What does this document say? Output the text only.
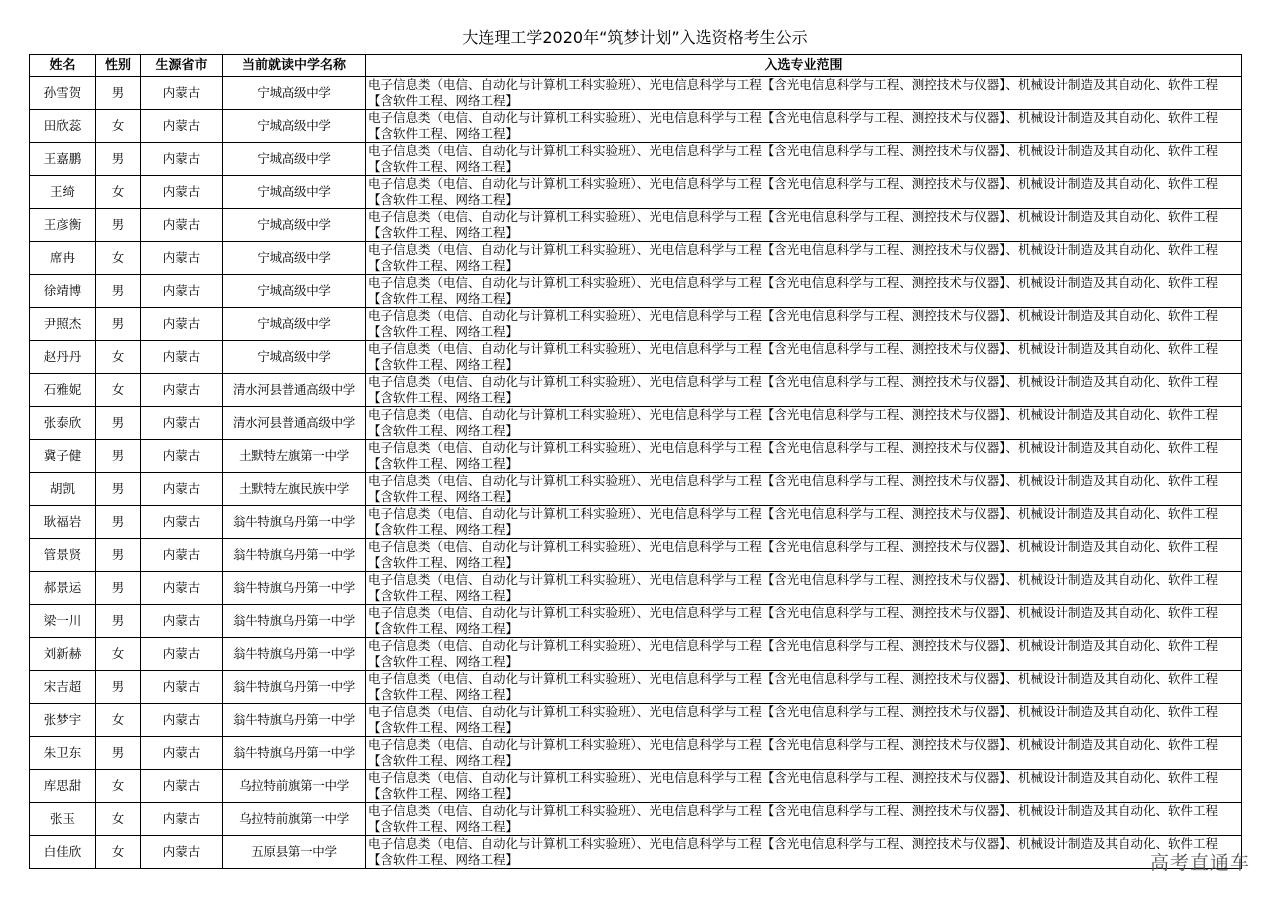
大连理工学2020年“筑梦计划”入选资格考生公示
姓名	性别	生源省市	当前就读中学名称	入选专业范围
孙雪贺	男	内蒙古	宁城高级中学	电子信息类（电信、自动化与计算机工科实验班）、光电信息科学与工程【含光电信息科学与工程、测控技术与仪器】、机械设计制造及其自动化、软件工程【含软件工程、网络工程】
田欣蕊	女	内蒙古	宁城高级中学	电子信息类（电信、自动化与计算机工科实验班）、光电信息科学与工程【含光电信息科学与工程、测控技术与仪器】、机械设计制造及其自动化、软件工程【含软件工程、网络工程】
王嘉鹏	男	内蒙古	宁城高级中学	电子信息类（电信、自动化与计算机工科实验班）、光电信息科学与工程【含光电信息科学与工程、测控技术与仪器】、机械设计制造及其自动化、软件工程【含软件工程、网络工程】
王绮	女	内蒙古	宁城高级中学	电子信息类（电信、自动化与计算机工科实验班）、光电信息科学与工程【含光电信息科学与工程、测控技术与仪器】、机械设计制造及其自动化、软件工程【含软件工程、网络工程】
王彦衡	男	内蒙古	宁城高级中学	电子信息类（电信、自动化与计算机工科实验班）、光电信息科学与工程【含光电信息科学与工程、测控技术与仪器】、机械设计制造及其自动化、软件工程【含软件工程、网络工程】
席冉	女	内蒙古	宁城高级中学	电子信息类（电信、自动化与计算机工科实验班）、光电信息科学与工程【含光电信息科学与工程、测控技术与仪器】、机械设计制造及其自动化、软件工程【含软件工程、网络工程】
徐靖博	男	内蒙古	宁城高级中学	电子信息类（电信、自动化与计算机工科实验班）、光电信息科学与工程【含光电信息科学与工程、测控技术与仪器】、机械设计制造及其自动化、软件工程【含软件工程、网络工程】
尹照杰	男	内蒙古	宁城高级中学	电子信息类（电信、自动化与计算机工科实验班）、光电信息科学与工程【含光电信息科学与工程、测控技术与仪器】、机械设计制造及其自动化、软件工程【含软件工程、网络工程】
赵丹丹	女	内蒙古	宁城高级中学	电子信息类（电信、自动化与计算机工科实验班）、光电信息科学与工程【含光电信息科学与工程、测控技术与仪器】、机械设计制造及其自动化、软件工程【含软件工程、网络工程】
石雅妮	女	内蒙古	清水河县普通高级中学	电子信息类（电信、自动化与计算机工科实验班）、光电信息科学与工程【含光电信息科学与工程、测控技术与仪器】、机械设计制造及其自动化、软件工程【含软件工程、网络工程】
张泰欣	男	内蒙古	清水河县普通高级中学	电子信息类（电信、自动化与计算机工科实验班）、光电信息科学与工程【含光电信息科学与工程、测控技术与仪器】、机械设计制造及其自动化、软件工程【含软件工程、网络工程】
冀子健	男	内蒙古	土默特左旗第一中学	电子信息类（电信、自动化与计算机工科实验班）、光电信息科学与工程【含光电信息科学与工程、测控技术与仪器】、机械设计制造及其自动化、软件工程【含软件工程、网络工程】
胡凯	男	内蒙古	土默特左旗民族中学	电子信息类（电信、自动化与计算机工科实验班）、光电信息科学与工程【含光电信息科学与工程、测控技术与仪器】、机械设计制造及其自动化、软件工程【含软件工程、网络工程】
耿福岩	男	内蒙古	翁牛特旗乌丹第一中学	电子信息类（电信、自动化与计算机工科实验班）、光电信息科学与工程【含光电信息科学与工程、测控技术与仪器】、机械设计制造及其自动化、软件工程【含软件工程、网络工程】
管景贤	男	内蒙古	翁牛特旗乌丹第一中学	电子信息类（电信、自动化与计算机工科实验班）、光电信息科学与工程【含光电信息科学与工程、测控技术与仪器】、机械设计制造及其自动化、软件工程【含软件工程、网络工程】
郝景运	男	内蒙古	翁牛特旗乌丹第一中学	电子信息类（电信、自动化与计算机工科实验班）、光电信息科学与工程【含光电信息科学与工程、测控技术与仪器】、机械设计制造及其自动化、软件工程【含软件工程、网络工程】
梁一川	男	内蒙古	翁牛特旗乌丹第一中学	电子信息类（电信、自动化与计算机工科实验班）、光电信息科学与工程【含光电信息科学与工程、测控技术与仪器】、机械设计制造及其自动化、软件工程【含软件工程、网络工程】
刘新赫	女	内蒙古	翁牛特旗乌丹第一中学	电子信息类（电信、自动化与计算机工科实验班）、光电信息科学与工程【含光电信息科学与工程、测控技术与仪器】、机械设计制造及其自动化、软件工程【含软件工程、网络工程】
宋吉超	男	内蒙古	翁牛特旗乌丹第一中学	电子信息类（电信、自动化与计算机工科实验班）、光电信息科学与工程【含光电信息科学与工程、测控技术与仪器】、机械设计制造及其自动化、软件工程【含软件工程、网络工程】
张梦宇	女	内蒙古	翁牛特旗乌丹第一中学	电子信息类（电信、自动化与计算机工科实验班）、光电信息科学与工程【含光电信息科学与工程、测控技术与仪器】、机械设计制造及其自动化、软件工程【含软件工程、网络工程】
朱卫东	男	内蒙古	翁牛特旗乌丹第一中学	电子信息类（电信、自动化与计算机工科实验班）、光电信息科学与工程【含光电信息科学与工程、测控技术与仪器】、机械设计制造及其自动化、软件工程【含软件工程、网络工程】
库思甜	女	内蒙古	乌拉特前旗第一中学	电子信息类（电信、自动化与计算机工科实验班）、光电信息科学与工程【含光电信息科学与工程、测控技术与仪器】、机械设计制造及其自动化、软件工程【含软件工程、网络工程】
张玉	女	内蒙古	乌拉特前旗第一中学	电子信息类（电信、自动化与计算机工科实验班）、光电信息科学与工程【含光电信息科学与工程、测控技术与仪器】、机械设计制造及其自动化、软件工程【含软件工程、网络工程】
白佳欣	女	内蒙古	五原县第一中学	电子信息类（电信、自动化与计算机工科实验班）、光电信息科学与工程【含光电信息科学与工程、测控技术与仪器】、机械设计制造及其自动化、软件工程【含软件工程、网络工程】	高考直通车
